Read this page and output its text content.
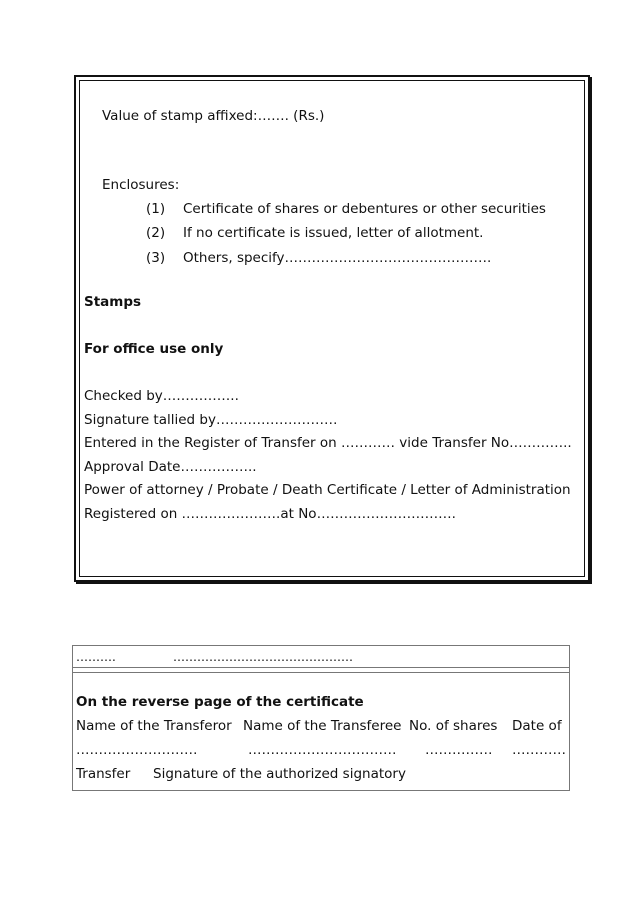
Value of stamp affixed:……. (Rs.)
Enclosures:
(1) Certificate of shares or debentures or other securities
(2) If no certificate is issued, letter of allotment.
(3) Others, specify……………………………………….
Stamps
For office use only
Checked by……………..
Signature tallied by………………………
Entered in the Register of Transfer on ………… vide Transfer No…………..
Approval Date……………..
Power of attorney / Probate / Death Certificate / Letter of Administration
Registered on ………………….at No………………………….
……….	………………………………………
On the reverse page of the certificate
Name of the Transferor Name of the Transferee No. of shares Date of
………………………	…………………………… …………… …………
Transfer Signature of the authorized signatory
